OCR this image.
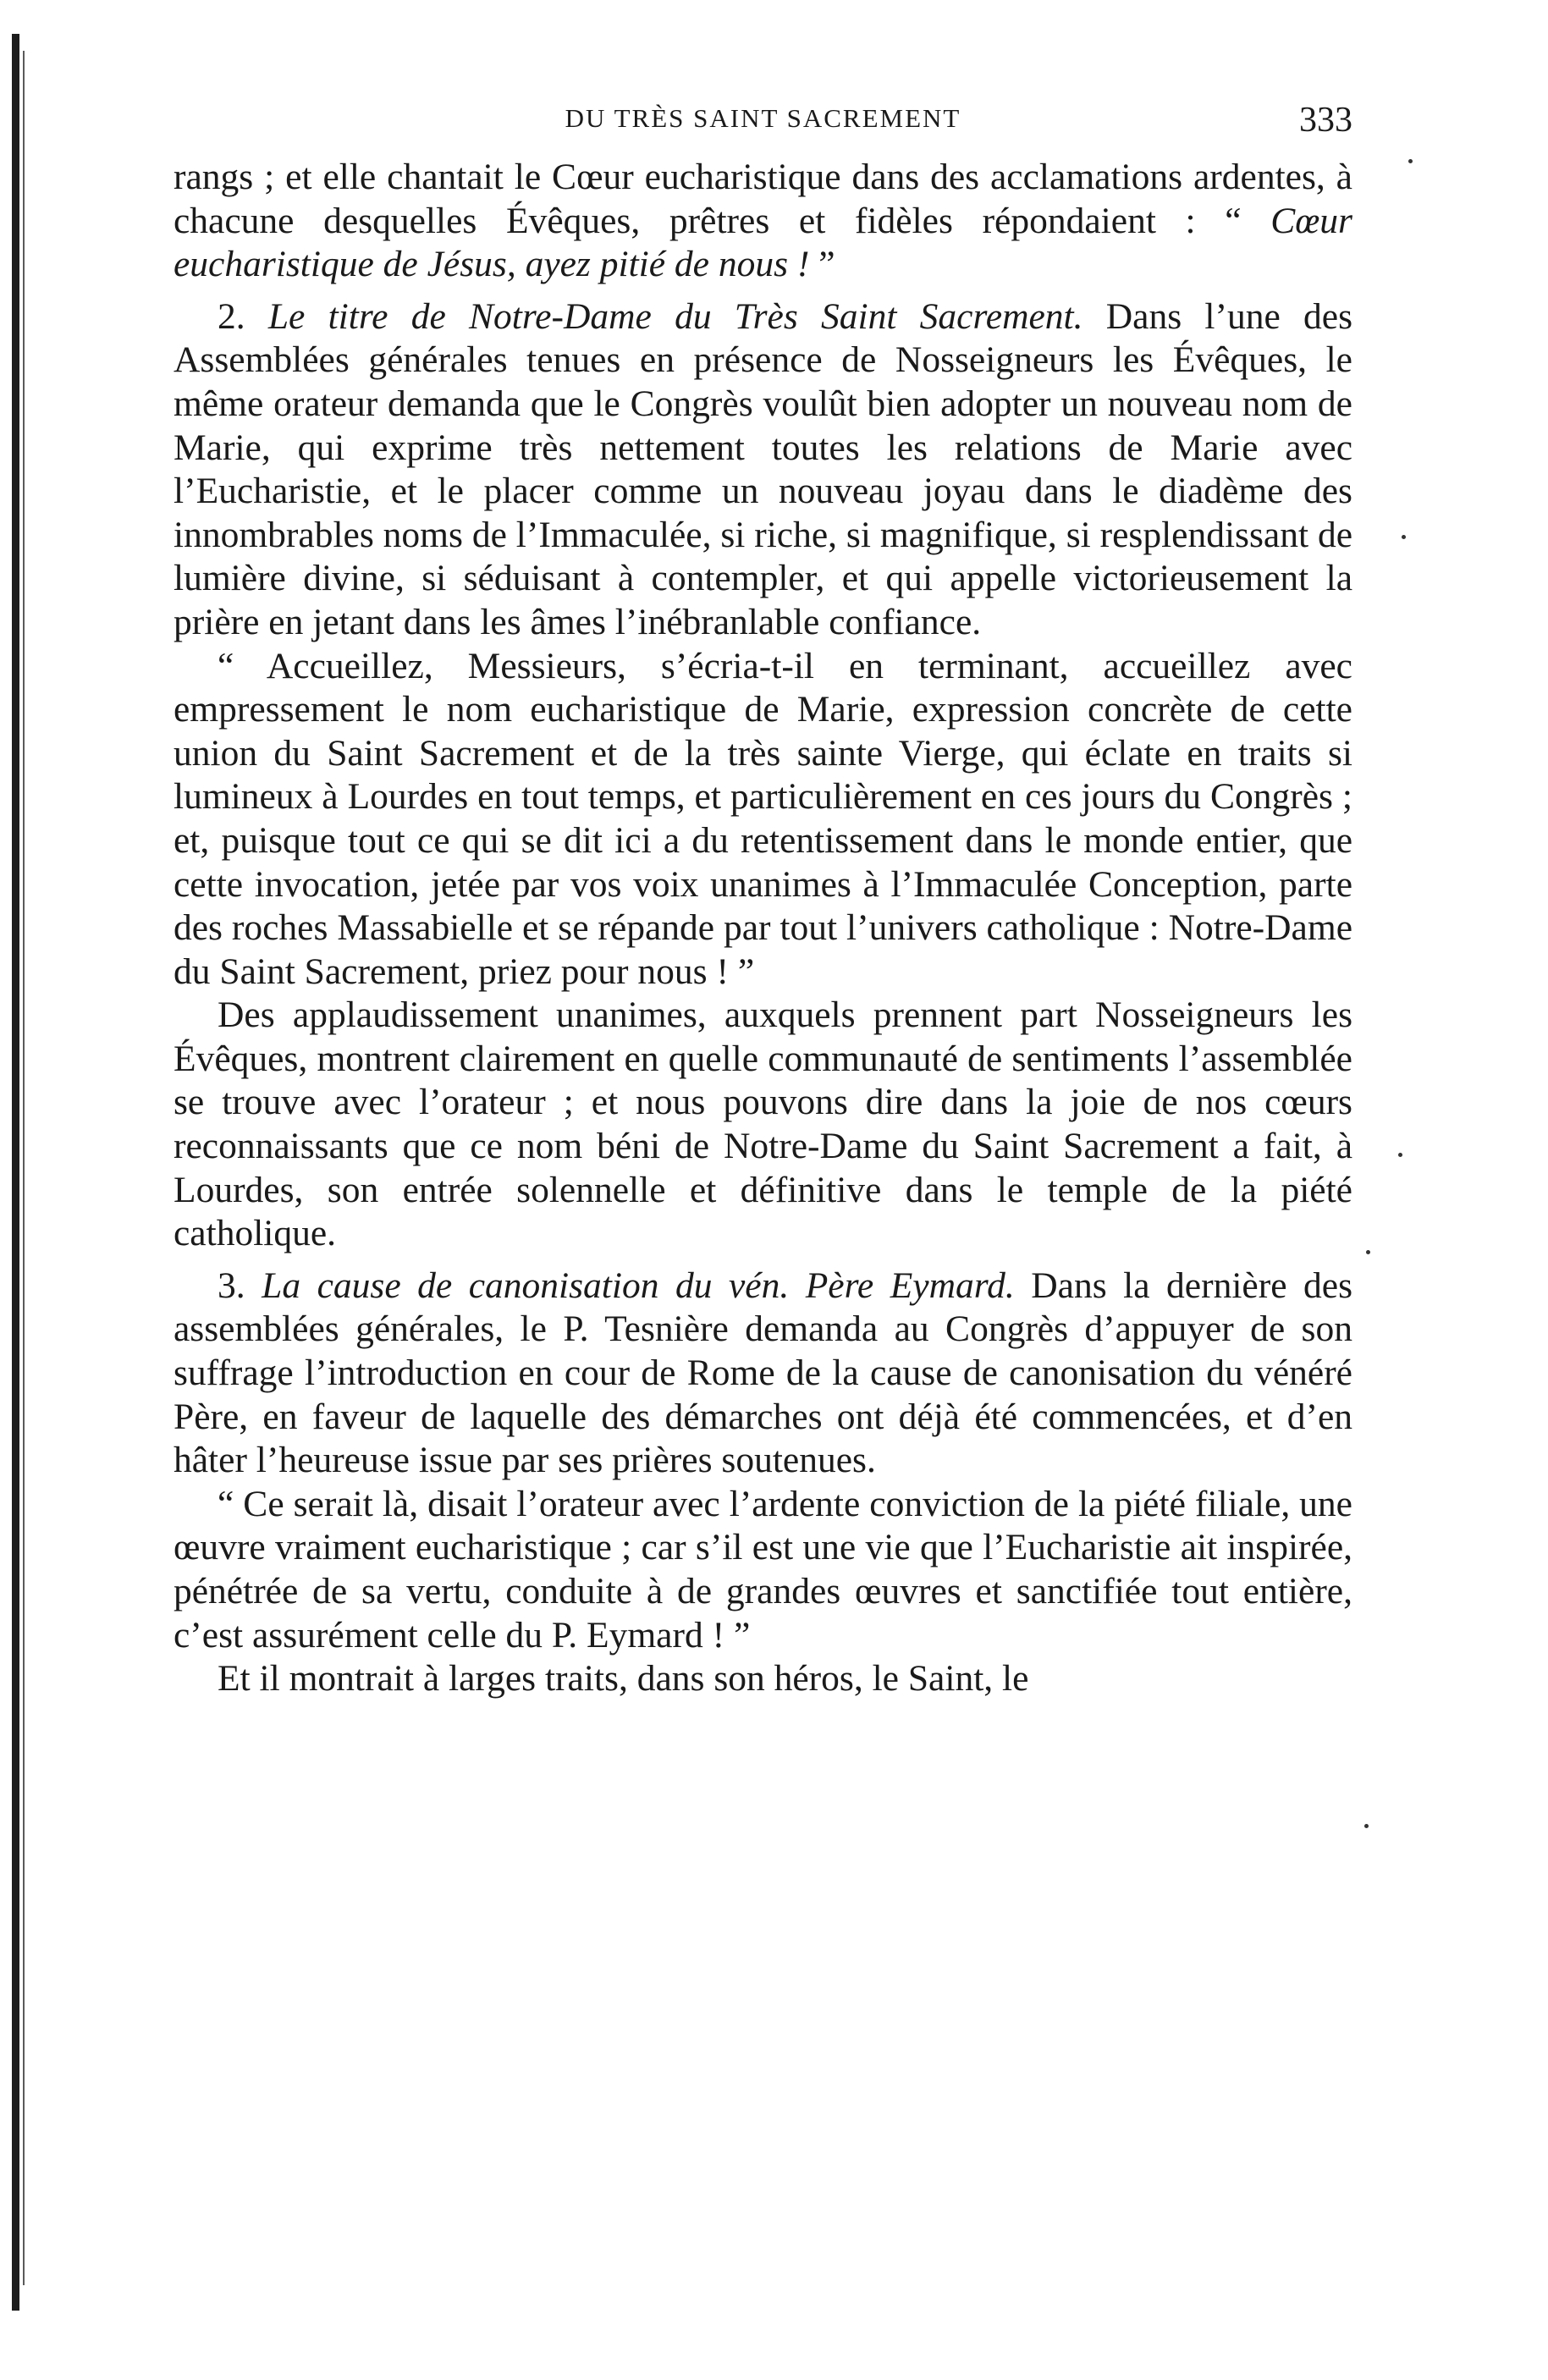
DU TRÈS SAINT SACREMENT	333

rangs ; et elle chantait le Cœur eucharistique dans des acclamations ardentes, à chacune desquelles Évêques, prêtres et fidèles répondaient : “ Cœur eucharistique de Jésus, ayez pitié de nous ! ”

2. Le titre de Notre-Dame du Très Saint Sacrement. Dans l’une des Assemblées générales tenues en présence de Nosseigneurs les Évêques, le même orateur demanda que le Congrès voulût bien adopter un nouveau nom de Marie, qui exprime très nettement toutes les relations de Marie avec l’Eucharistie, et le placer comme un nouveau joyau dans le diadème des innombrables noms de l’Immaculée, si riche, si magnifique, si resplendissant de lumière divine, si séduisant à contempler, et qui appelle victorieusement la prière en jetant dans les âmes l’inébranlable confiance.

“ Accueillez, Messieurs, s’écria-t-il en terminant, accueillez avec empressement le nom eucharistique de Marie, expression concrète de cette union du Saint Sacrement et de la très sainte Vierge, qui éclate en traits si lumineux à Lourdes en tout temps, et particulièrement en ces jours du Congrès ; et, puisque tout ce qui se dit ici a du retentissement dans le monde entier, que cette invocation, jetée par vos voix unanimes à l’Immaculée Conception, parte des roches Massabielle et se répande par tout l’univers catholique : Notre-Dame du Saint Sacrement, priez pour nous ! ”

Des applaudissement unanimes, auxquels prennent part Nosseigneurs les Évêques, montrent clairement en quelle communauté de sentiments l’assemblée se trouve avec l’orateur ; et nous pouvons dire dans la joie de nos cœurs reconnaissants que ce nom béni de Notre-Dame du Saint Sacrement a fait, à Lourdes, son entrée solennelle et définitive dans le temple de la piété catholique.

3. La cause de canonisation du vén. Père Eymard. Dans la dernière des assemblées générales, le P. Tesnière demanda au Congrès d’appuyer de son suffrage l’introduction en cour de Rome de la cause de canonisation du vénéré Père, en faveur de laquelle des démarches ont déjà été commencées, et d’en hâter l’heureuse issue par ses prières soutenues.

“ Ce serait là, disait l’orateur avec l’ardente conviction de la piété filiale, une œuvre vraiment eucharistique ; car s’il est une vie que l’Eucharistie ait inspirée, pénétrée de sa vertu, conduite à de grandes œuvres et sanctifiée tout entière, c’est assurément celle du P. Eymard ! ”

Et il montrait à larges traits, dans son héros, le Saint, le
